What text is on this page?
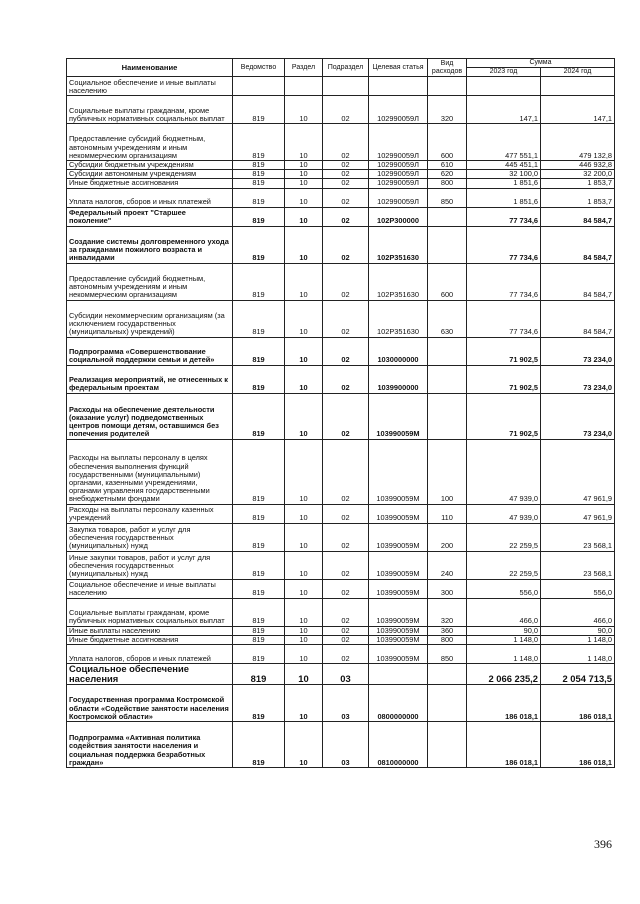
Наименование	Ведомство	Раздел	Подраздел	Целевая статья	Вид расходов	Сумма	
						2023 год	2024 год
Социальное обеспечение и иные выплаты населению							
Социальные выплаты гражданам, кроме публичных нормативных социальных выплат	819	10	02	102990059Л	320	147,1	147,1
Предоставление субсидий бюджетным, автономным учреждениям и иным некоммерческим организациям	819	10	02	102990059Л	600	477 551,1	479 132,8
Субсидии бюджетным учреждениям	819	10	02	102990059Л	610	445 451,1	446 932,8
Субсидии автономным учреждениям	819	10	02	102990059Л	620	32 100,0	32 200,0
Иные бюджетные ассигнования	819	10	02	102990059Л	800	1 851,6	1 853,7
Уплата налогов, сборов и иных платежей	819	10	02	102990059Л	850	1 851,6	1 853,7
Федеральный проект "Старшее поколение"	819	10	02	102P300000		77 734,6	84 584,7
Создание системы долговременного ухода за гражданами пожилого возраста и инвалидами	819	10	02	102P351630		77 734,6	84 584,7
Предоставление субсидий бюджетным, автономным учреждениям и иным некоммерческим организациям	819	10	02	102P351630	600	77 734,6	84 584,7
Субсидии некоммерческим организациям (за исключением государственных (муниципальных) учреждений)	819	10	02	102P351630	630	77 734,6	84 584,7
Подпрограмма «Совершенствование социальной поддержки семьи и детей»	819	10	02	1030000000		71 902,5	73 234,0
Реализация мероприятий, не отнесенных к федеральным проектам	819	10	02	1039900000		71 902,5	73 234,0
Расходы на обеспечение деятельности (оказание услуг) подведомственных центров помощи детям, оставшимся без попечения родителей	819	10	02	103990059М		71 902,5	73 234,0
Расходы на выплаты персоналу в целях обеспечения выполнения функций государственными (муниципальными) органами, казенными учреждениями, органами управления государственными внебюджетными фондами	819	10	02	103990059М	100	47 939,0	47 961,9
Расходы на выплаты персоналу казенных учреждений	819	10	02	103990059М	110	47 939,0	47 961,9
Закупка товаров, работ и услуг для обеспечения государственных (муниципальных) нужд	819	10	02	103990059М	200	22 259,5	23 568,1
Иные закупки товаров, работ и услуг для обеспечения государственных (муниципальных) нужд	819	10	02	103990059М	240	22 259,5	23 568,1
Социальное обеспечение и иные выплаты населению	819	10	02	103990059М	300	556,0	556,0
Социальные выплаты гражданам, кроме публичных нормативных социальных выплат	819	10	02	103990059М	320	466,0	466,0
Иные выплаты населению	819	10	02	103990059М	360	90,0	90,0
Иные бюджетные ассигнования	819	10	02	103990059М	800	1 148,0	1 148,0
Уплата налогов, сборов и иных платежей	819	10	02	103990059М	850	1 148,0	1 148,0
Социальное обеспечение населения	819	10	03			2 066 235,2	2 054 713,5
Государственная программа Костромской области «Содействие занятости населения Костромской области»	819	10	03	0800000000		186 018,1	186 018,1
Подпрограмма «Активная политика содействия занятости населения и социальная поддержка безработных граждан»	819	10	03	0810000000		186 018,1	186 018,1
396
